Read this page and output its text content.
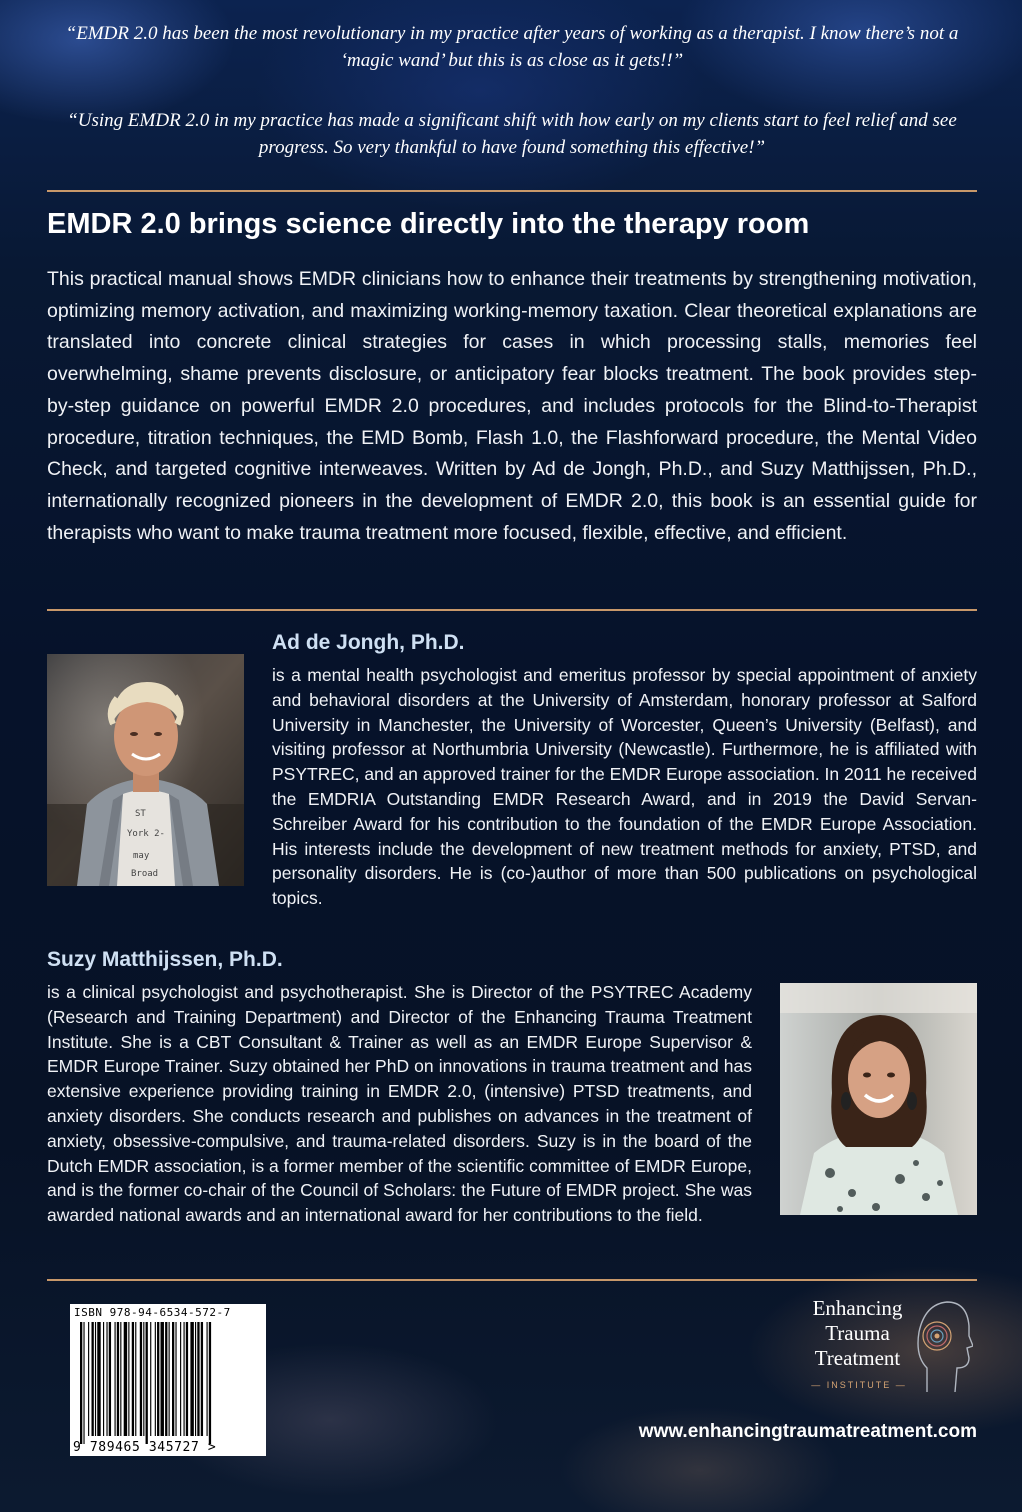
“EMDR 2.0 has been the most revolutionary in my practice after years of working as a therapist. I know there’s not a ‘magic wand’ but this is as close as it gets!!”
“Using EMDR 2.0 in my practice has made a significant shift with how early on my clients start to feel relief and see progress. So very thankful to have found something this effective!”
EMDR 2.0 brings science directly into the therapy room

This practical manual shows EMDR clinicians how to enhance their treatments by strengthening motivation, optimizing memory activation, and maximizing working-memory taxation. Clear theoretical explanations are translated into concrete clinical strategies for cases in which processing stalls, memories feel overwhelming, shame prevents disclosure, or anticipatory fear blocks treatment. The book provides step-by-step guidance on powerful EMDR 2.0 procedures, and includes protocols for the Blind-to-Therapist procedure, titration techniques, the EMD Bomb, Flash 1.0, the Flashforward procedure, the Mental Video Check, and targeted cognitive interweaves. Written by Ad de Jongh, Ph.D., and Suzy Matthijssen, Ph.D., internationally recognized pioneers in the development of EMDR 2.0, this book is an essential guide for therapists who want to make trauma treatment more focused, flexible, effective, and efficient.

ST
York 2-
may
Broad
Ad de Jongh, Ph.D.

is a mental health psychologist and emeritus professor by special appointment of anxiety and behavioral disorders at the University of Amsterdam, honorary professor at Salford University in Manchester, the University of Worcester, Queen’s University (Belfast), and visiting professor at Northumbria University (Newcastle). Furthermore, he is affiliated with PSYTREC, and an approved trainer for the EMDR Europe association. In 2011 he received the EMDRIA Outstanding EMDR Research Award, and in 2019 the David Servan-Schreiber Award for his contribution to the foundation of the EMDR Europe Association. His interests include the development of new treatment methods for anxiety, PTSD, and personality disorders. He is (co-)author of more than 500 publications on psychological topics.

Suzy Matthijssen, Ph.D.

is a clinical psychologist and psychotherapist. She is Director of the PSYTREC Academy (Research and Training Department) and Director of the Enhancing Trauma Treatment Institute. She is a CBT Consultant & Trainer as well as an EMDR Europe Supervisor & EMDR Europe Trainer. Suzy obtained her PhD on innovations in trauma treatment and has extensive experience providing training in EMDR 2.0, (intensive) PTSD treatments, and anxiety disorders. She conducts research and publishes on advances in the treatment of anxiety, obsessive-compulsive, and trauma-related disorders. Suzy is in the board of the Dutch EMDR association, is a former member of the scientific committee of EMDR Europe, and is the former co-chair of the Council of Scholars: the Future of EMDR project. She was awarded national awards and an international award for her contributions to the field.

ISBN 978-94-6534-572-7
9 789465 345727 >
Enhancing
Trauma
Treatment
— INSTITUTE —
www.enhancingtraumatreatment.com
